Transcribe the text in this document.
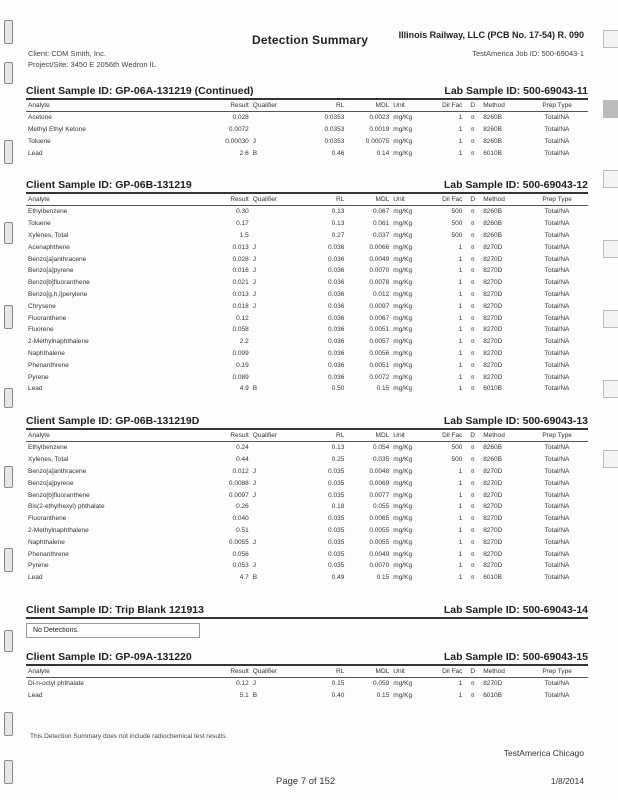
Illinois Railway, LLC (PCB No. 17-54) R. 090
Detection Summary
Client: CDM Smith, Inc.	TestAmerica Job ID: 500-69043-1
Project/Site: 3450 E 2056th Wedron IL
Client Sample ID: GP-06A-131219 (Continued)	Lab Sample ID: 500-69043-11
Analyte	Result	Qualifier	RL	MDL	Unit	Dil Fac	D	Method	Prep Type
Acetone	0.028		0.0353	0.0023	mg/Kg	1	¤	8260B	Total/NA
Methyl Ethyl Ketone	0.0072		0.0353	0.0019	mg/Kg	1	¤	8260B	Total/NA
Toluene	0.00030	J	0.0353	0.00075	mg/Kg	1	¤	8260B	Total/NA
Lead	2.6	B	0.46	0.14	mg/Kg	1	¤	6010B	Total/NA
Client Sample ID: GP-06B-131219	Lab Sample ID: 500-69043-12
Analyte	Result	Qualifier	RL	MDL	Unit	Dil Fac	D	Method	Prep Type
Ethylbenzene	0.30		0.13	0.067	mg/Kg	500	¤	8260B	Total/NA
Toluene	0.17		0.13	0.061	mg/Kg	500	¤	8260B	Total/NA
Xylenes, Total	1.5		0.27	0.037	mg/Kg	500	¤	8260B	Total/NA
Acenaphthene	0.013	J	0.036	0.0066	mg/Kg	1	¤	8270D	Total/NA
Benzo[a]anthracene	0.028	J	0.036	0.0049	mg/Kg	1	¤	8270D	Total/NA
Benzo[a]pyrene	0.016	J	0.036	0.0070	mg/Kg	1	¤	8270D	Total/NA
Benzo[b]fluoranthene	0.021	J	0.036	0.0078	mg/Kg	1	¤	8270D	Total/NA
Benzo[g,h,i]perylene	0.013	J	0.036	0.012	mg/Kg	1	¤	8270D	Total/NA
Chrysene	0.018	J	0.036	0.0097	mg/Kg	1	¤	8270D	Total/NA
Fluoranthene	0.12		0.036	0.0067	mg/Kg	1	¤	8270D	Total/NA
Fluorene	0.058		0.036	0.0051	mg/Kg	1	¤	8270D	Total/NA
2-Methylnaphthalene	2.2		0.036	0.0057	mg/Kg	1	¤	8270D	Total/NA
Naphthalene	0.099		0.036	0.0056	mg/Kg	1	¤	8270D	Total/NA
Phenanthrene	0.19		0.036	0.0051	mg/Kg	1	¤	8270D	Total/NA
Pyrene	0.089		0.036	0.0072	mg/Kg	1	¤	8270D	Total/NA
Lead	4.9	B	0.50	0.15	mg/Kg	1	¤	6010B	Total/NA
Client Sample ID: GP-06B-131219D	Lab Sample ID: 500-69043-13
Analyte	Result	Qualifier	RL	MDL	Unit	Dil Fac	D	Method	Prep Type
Ethylbenzene	0.24		0.13	0.054	mg/Kg	500	¤	8260B	Total/NA
Xylenes, Total	0.44		0.25	0.035	mg/Kg	500	¤	8260B	Total/NA
Benzo[a]anthracene	0.012	J	0.035	0.0048	mg/Kg	1	¤	8270D	Total/NA
Benzo[a]pyrene	0.0088	J	0.035	0.0069	mg/Kg	1	¤	8270D	Total/NA
Benzo[b]fluoranthene	0.0097	J	0.035	0.0077	mg/Kg	1	¤	8270D	Total/NA
Bis(2-ethylhexyl) phthalate	0.26		0.18	0.055	mg/Kg	1	¤	8270D	Total/NA
Fluoranthene	0.040		0.035	0.0065	mg/Kg	1	¤	8270D	Total/NA
2-Methylnaphthalene	0.51		0.035	0.0055	mg/Kg	1	¤	8270D	Total/NA
Naphthalene	0.0055	J	0.035	0.0055	mg/Kg	1	¤	8270D	Total/NA
Phenanthrene	0.056		0.035	0.0049	mg/Kg	1	¤	8270D	Total/NA
Pyrene	0.053	J	0.035	0.0070	mg/Kg	1	¤	8270D	Total/NA
Lead	4.7	B	0.49	0.15	mg/Kg	1	¤	6010B	Total/NA
Client Sample ID: Trip Blank 121913	Lab Sample ID: 500-69043-14
No Detections.
Client Sample ID: GP-09A-131220	Lab Sample ID: 500-69043-15
Analyte	Result	Qualifier	RL	MDL	Unit	Dil Fac	D	Method	Prep Type
Di-n-octyl phthalate	0.12	J	0.15	0.059	mg/Kg	1	¤	8270D	Total/NA
Lead	5.1	B	0.40	0.15	mg/Kg	1	¤	6010B	Total/NA
This Detection Summary does not include radiochemical test results.
TestAmerica Chicago
Page 7 of 152	1/8/2014
